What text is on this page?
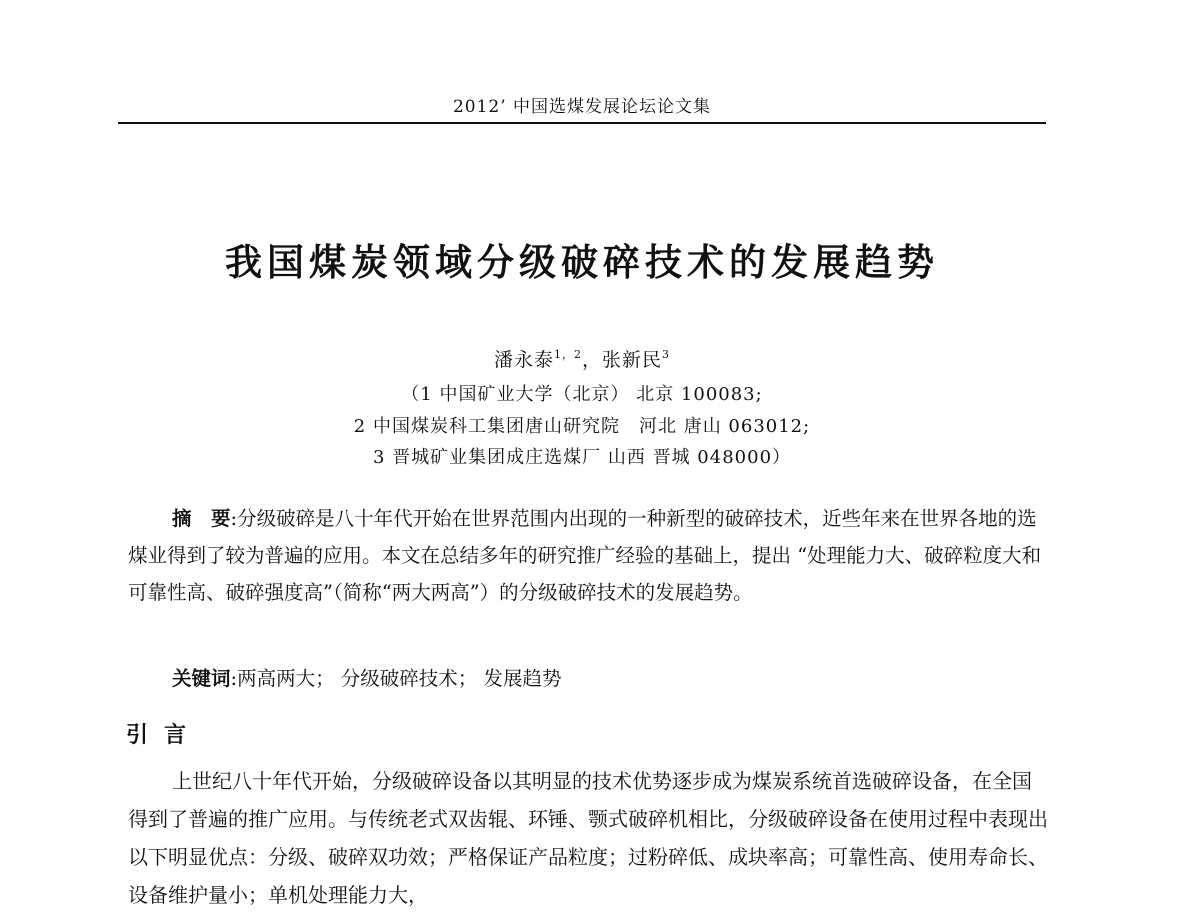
2012’ 中国选煤发展论坛论文集
我国煤炭领域分级破碎技术的发展趋势
潘永泰$^{1,2}$，张新民$^3$
（1 中国矿业大学（北京） 北京 100083;
2 中国煤炭科工集团唐山研究院　河北 唐山 063012;
3 晋城矿业集团成庄选煤厂 山西 晋城 048000）
摘　要:分级破碎是八十年代开始在世界范围内出现的一种新型的破碎技术，近些年来在世界各地的选煤业得到了较为普遍的应用。本文在总结多年的研究推广经验的基础上，提出 “处理能力大、破碎粒度大和可靠性高、破碎强度高”（简称“两大两高”）的分级破碎技术的发展趋势。
关键词:两高两大； 分级破碎技术； 发展趋势
引言
上世纪八十年代开始，分级破碎设备以其明显的技术优势逐步成为煤炭系统首选破碎设备，在全国得到了普遍的推广应用。与传统老式双齿辊、环锤、颚式破碎机相比，分级破碎设备在使用过程中表现出以下明显优点：分级、破碎双功效；严格保证产品粒度；过粉碎低、成块率高；可靠性高、使用寿命长、设备维护量小；单机处理能力大，
